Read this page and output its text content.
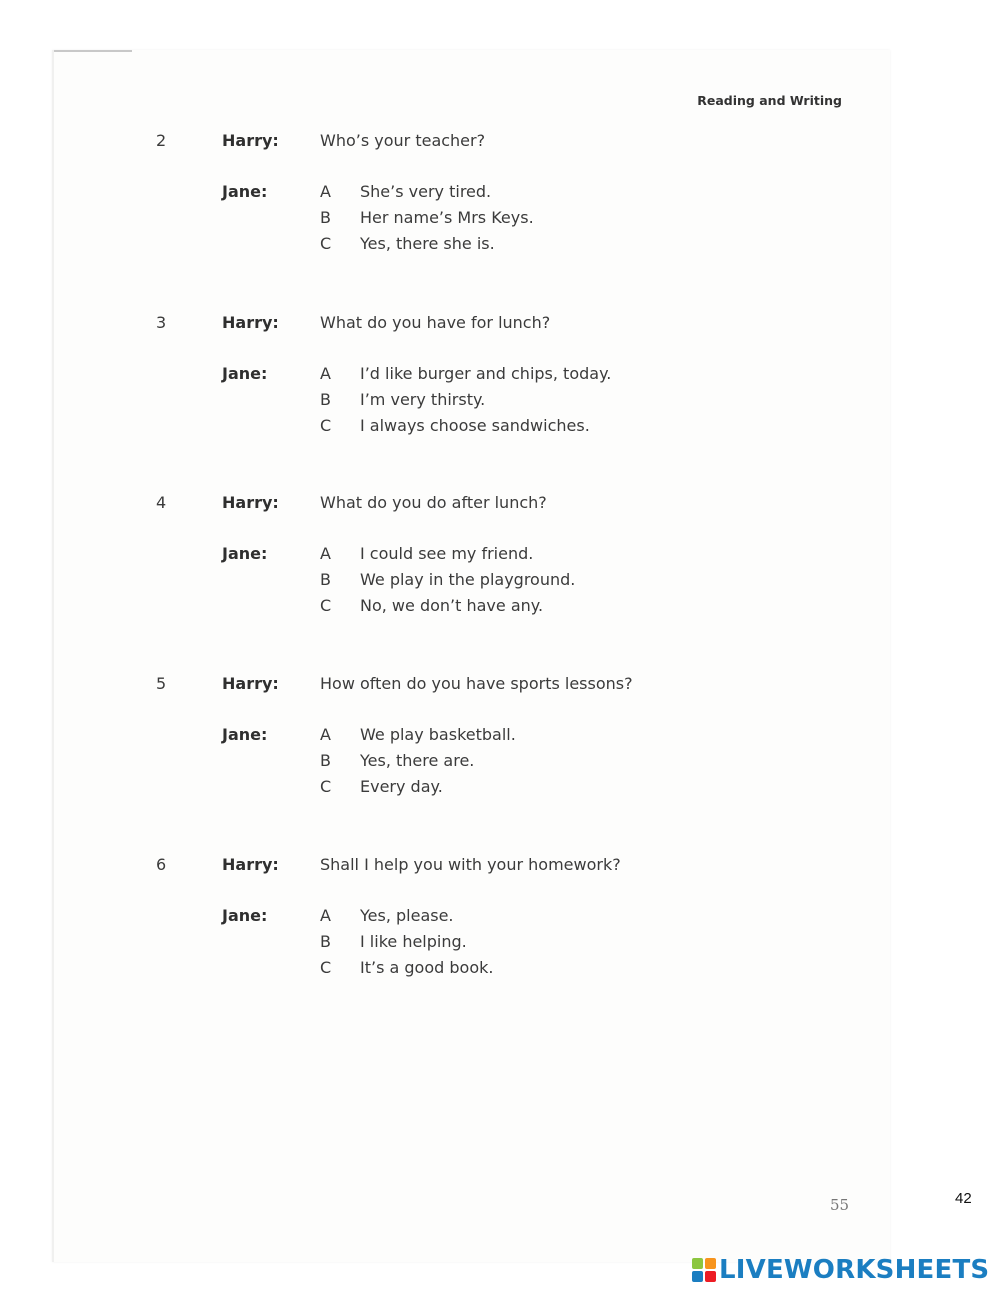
Reading and Writing
2	Harry:	Who’s your teacher?
Jane:	A She’s very tired.
B Her name’s Mrs Keys.
C Yes, there she is.
3	Harry:	What do you have for lunch?
Jane:	A I’d like burger and chips, today.
B I’m very thirsty.
C I always choose sandwiches.
4	Harry:	What do you do after lunch?
Jane:	A I could see my friend.
B We play in the playground.
C No, we don’t have any.
5	Harry:	How often do you have sports lessons?
Jane:	A We play basketball.
B Yes, there are.
C Every day.
6	Harry:	Shall I help you with your homework?
Jane:	A Yes, please.
B I like helping.
C It’s a good book.
55	42
LIVEWORKSHEETS
